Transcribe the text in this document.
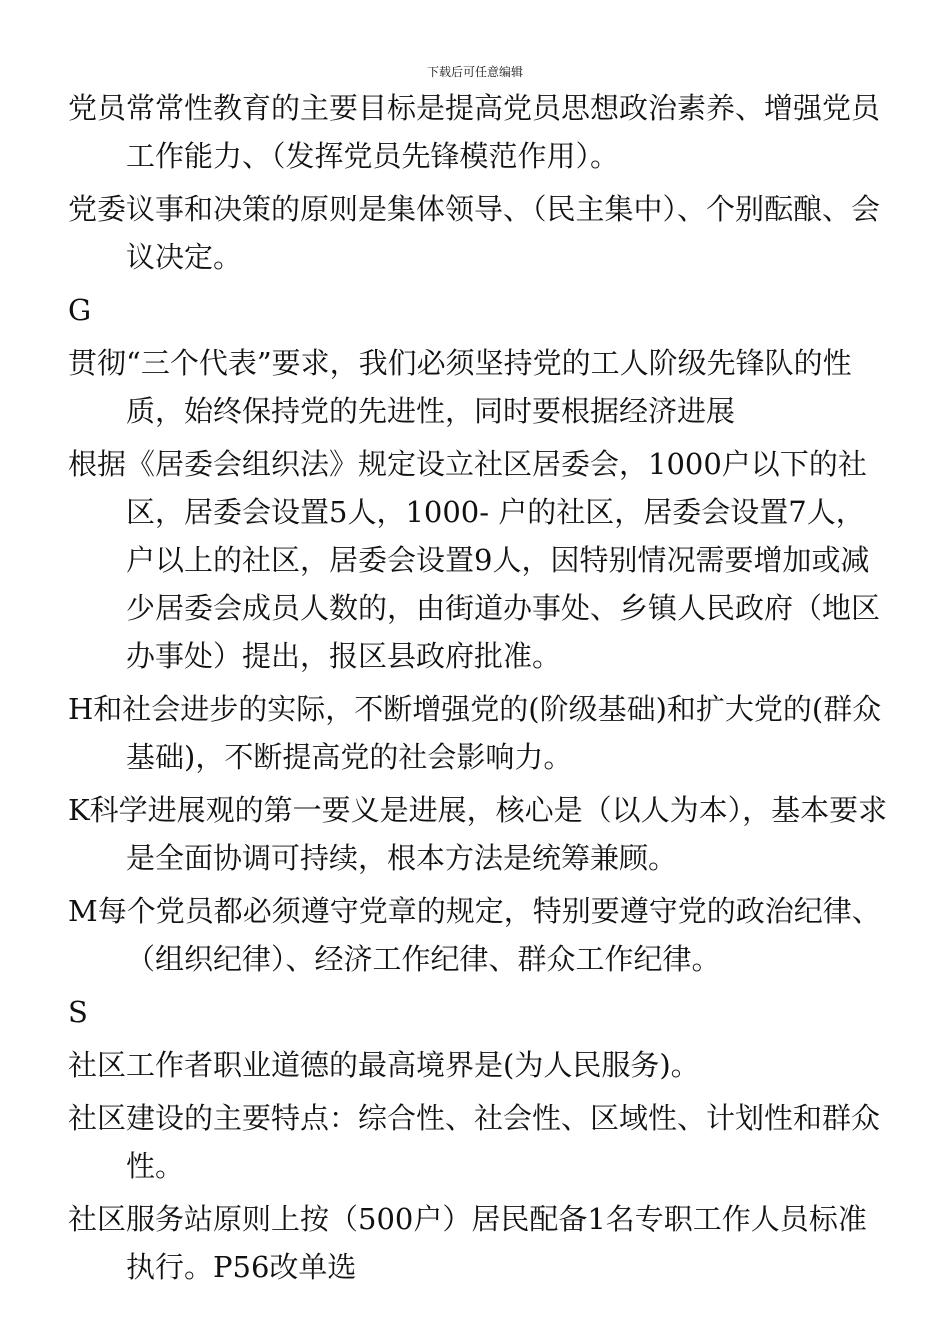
下载后可任意编辑
党员常常性教育的主要目标是提高党员思想政治素养、增强党员工作能力、（发挥党员先锋模范作用）。
党委议事和决策的原则是集体领导、（民主集中）、个别酝酿、会议决定。
G
贯彻“三个代表”要求，我们必须坚持党的工人阶级先锋队的性质，始终保持党的先进性，同时要根据经济进展
根据《居委会组织法》规定设立社区居委会，1000户以下的社区，居委会设置5人，1000- 户的社区，居委会设置7人， 户以上的社区，居委会设置9人，因特别情况需要增加或减少居委会成员人数的，由街道办事处、乡镇人民政府（地区办事处）提出，报区县政府批准。
H和社会进步的实际，不断增强党的(阶级基础)和扩大党的(群众基础)，不断提高党的社会影响力。
K科学进展观的第一要义是进展，核心是（以人为本），基本要求是全面协调可持续，根本方法是统筹兼顾。
M每个党员都必须遵守党章的规定，特别要遵守党的政治纪律、（组织纪律）、经济工作纪律、群众工作纪律。
S
社区工作者职业道德的最高境界是(为人民服务)。
社区建设的主要特点：综合性、社会性、区域性、计划性和群众性。
社区服务站原则上按（500户）居民配备1名专职工作人员标准执行。P56改单选
